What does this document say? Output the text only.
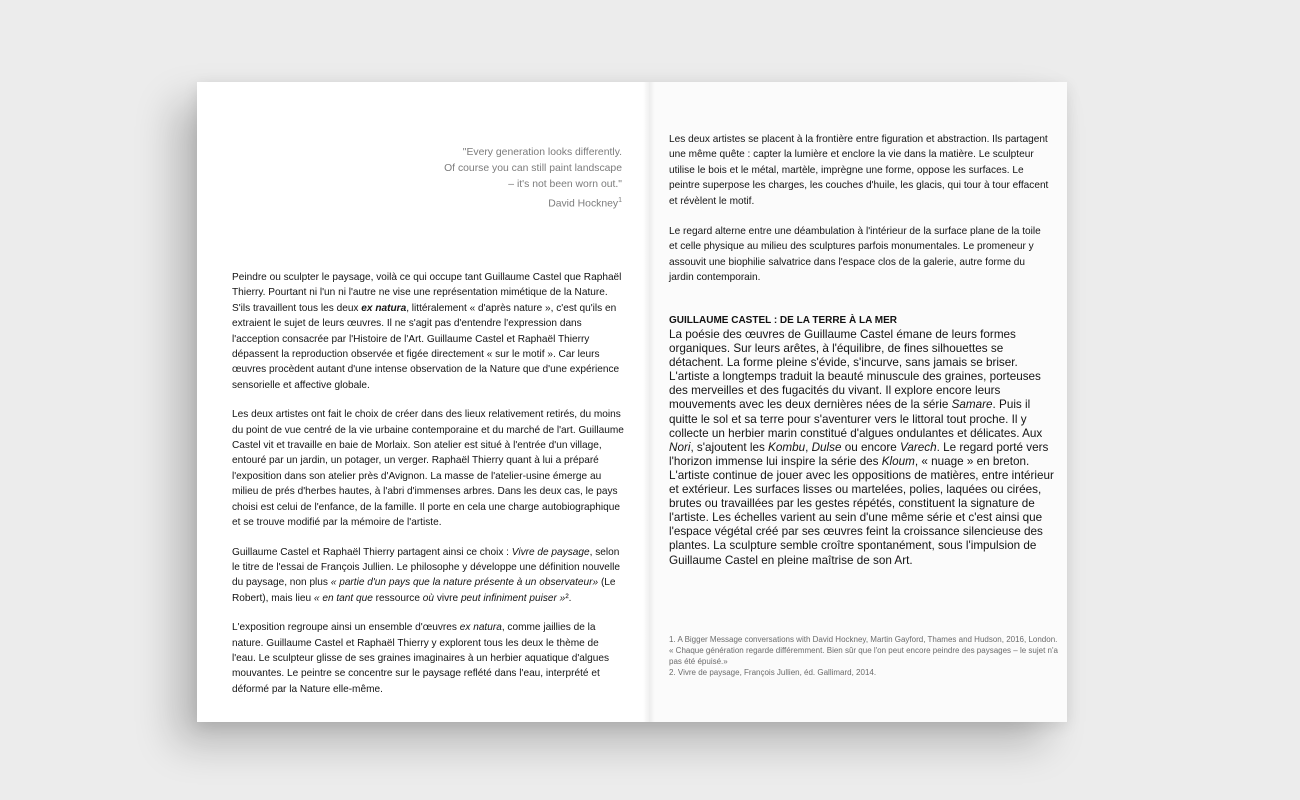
"Every generation looks differently.
Of course you can still paint landscape
– it's not been worn out."
David Hockney$^1$

Peindre ou sculpter le paysage, voilà ce qui occupe tant Guillaume Castel que Raphaël Thierry. Pourtant ni l'un ni l'autre ne vise une représentation mimétique de la Nature. S'ils travaillent tous les deux ex natura, littéralement « d'après nature », c'est qu'ils en extraient le sujet de leurs œuvres. Il ne s'agit pas d'entendre l'expression dans l'acception consacrée par l'Histoire de l'Art. Guillaume Castel et Raphaël Thierry dépassent la reproduction observée et figée directement « sur le motif ». Car leurs œuvres procèdent autant d'une intense observation de la Nature que d'une expérience sensorielle et affective globale.

Les deux artistes ont fait le choix de créer dans des lieux relativement retirés, du moins du point de vue centré de la vie urbaine contemporaine et du marché de l'art. Guillaume Castel vit et travaille en baie de Morlaix. Son atelier est situé à l'entrée d'un village, entouré par un jardin, un potager, un verger. Raphaël Thierry quant à lui a préparé l'exposition dans son atelier près d'Avignon. La masse de l'atelier-usine émerge au milieu de prés d'herbes hautes, à l'abri d'immenses arbres. Dans les deux cas, le pays choisi est celui de l'enfance, de la famille. Il porte en cela une charge autobiographique et se trouve modifié par la mémoire de l'artiste.

Guillaume Castel et Raphaël Thierry partagent ainsi ce choix : Vivre de paysage, selon le titre de l'essai de François Jullien. Le philosophe y développe une définition nouvelle du paysage, non plus « partie d'un pays que la nature présente à un observateur» (Le Robert), mais lieu « en tant que ressource où vivre peut infiniment puiser »².

L'exposition regroupe ainsi un ensemble d'œuvres ex natura, comme jaillies de la nature. Guillaume Castel et Raphaël Thierry y explorent tous les deux le thème de l'eau. Le sculpteur glisse de ses graines imaginaires à un herbier aquatique d'algues mouvantes. Le peintre se concentre sur le paysage reflété dans l'eau, interprété et déformé par la Nature elle-même.

Les deux artistes se placent à la frontière entre figuration et abstraction. Ils partagent une même quête : capter la lumière et enclore la vie dans la matière. Le sculpteur utilise le bois et le métal, martèle, imprègne une forme, oppose les surfaces. Le peintre superpose les charges, les couches d'huile, les glacis, qui tour à tour effacent et révèlent le motif.

Le regard alterne entre une déambulation à l'intérieur de la surface plane de la toile et celle physique au milieu des sculptures parfois monumentales. Le promeneur y assouvit une biophilie salvatrice dans l'espace clos de la galerie, autre forme du jardin contemporain.

GUILLAUME CASTEL : DE LA TERRE À LA MER

La poésie des œuvres de Guillaume Castel émane de leurs formes organiques. Sur leurs arêtes, à l'équilibre, de fines silhouettes se détachent. La forme pleine s'évide, s'incurve, sans jamais se briser. L'artiste a longtemps traduit la beauté minuscule des graines, porteuses des merveilles et des fugacités du vivant. Il explore encore leurs mouvements avec les deux dernières nées de la série Samare. Puis il quitte le sol et sa terre pour s'aventurer vers le littoral tout proche. Il y collecte un herbier marin constitué d'algues ondulantes et délicates. Aux Nori, s'ajoutent les Kombu, Dulse ou encore Varech. Le regard porté vers l'horizon immense lui inspire la série des Kloum, « nuage » en breton. L'artiste continue de jouer avec les oppositions de matières, entre intérieur et extérieur. Les surfaces lisses ou martelées, polies, laquées ou cirées, brutes ou travaillées par les gestes répétés, constituent la signature de l'artiste. Les échelles varient au sein d'une même série et c'est ainsi que l'espace végétal créé par ses œuvres feint la croissance silencieuse des plantes. La sculpture semble croître spontanément, sous l'impulsion de Guillaume Castel en pleine maîtrise de son Art.

1. A Bigger Message conversations with David Hockney, Martin Gayford, Thames and Hudson, 2016, London. « Chaque génération regarde différemment. Bien sûr que l'on peut encore peindre des paysages – le sujet n'a pas été épuisé.»

2. Vivre de paysage, François Jullien, éd. Gallimard, 2014.
